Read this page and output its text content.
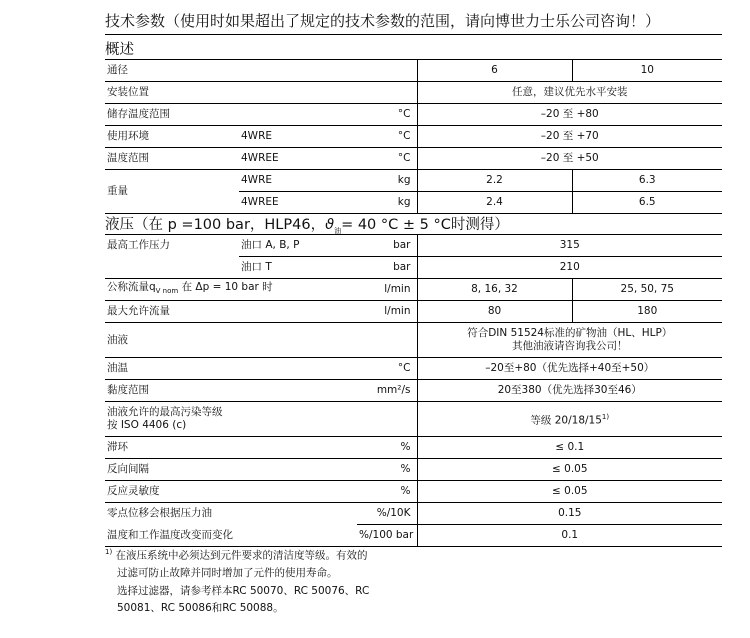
技术参数（使用时如果超出了规定的技术参数的范围，请向博世力士乐公司咨询！）
概述
通径			6	10
安装位置			任意，建议优先水平安装	
储存温度范围		°C	–20 至 +80	
使用环境	4WRE	°C	–20 至 +70	
温度范围	4WREE	°C	–20 至 +50	
重量	4WRE	kg	2.2	6.3
	4WREE	kg	2.4	6.5
液压（在 p =100 bar，HLP46，$ϑ_油= 40$ °C ± 5 °C时测得）
最高工作压力	油口 A, B, P	bar	315	
	油口 T	bar	210	
公称流量$q_{V nom}$ 在 Δp = 10 bar 时		l/min	8, 16, 32	25, 50, 75
最大允许流量		l/min	80	180
油液			符合DIN 51524标准的矿物油（HL、HLP）
其他油液请咨询我公司！	

油温		°C	–20至+80（优先选择+40至+50）	
黏度范围		mm²/s	20至380（优先选择30至46）	

油液允许的最高污染等级
按 ISO 4406 (c)			等级 20/18/15$^{1)}$
滞环		%	≤ 0.1	
反向间隔		%	≤ 0.05	
反应灵敏度		%	≤ 0.05	
零点位移会根据压力油		%/10K	0.15	
温度和工作温度改变而变化		%/100 bar	0.1	
$^{1)}$ 在液压系统中必须达到元件要求的清洁度等级。有效的
过滤可防止故障并同时增加了元件的使用寿命。
选择过滤器，请参考样本RC 50070、RC 50076、RC
50081、RC 50086和RC 50088。
